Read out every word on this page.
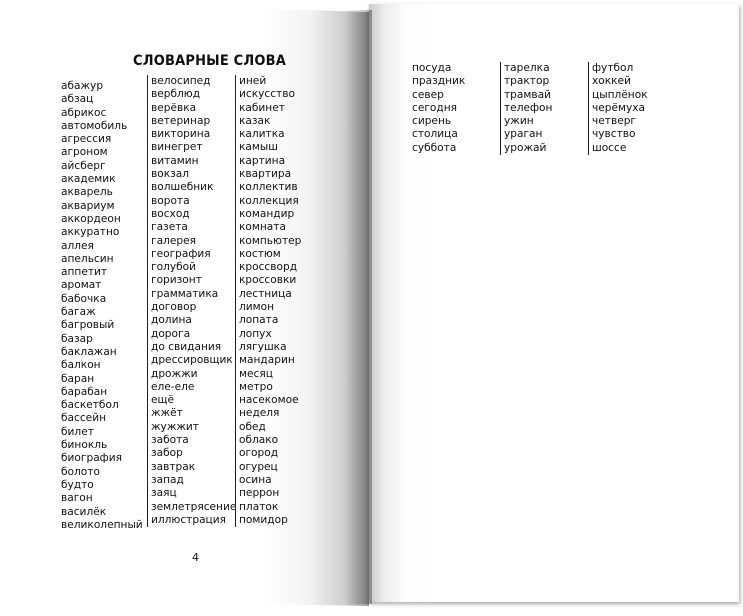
СЛОВАРНЫЕ СЛОВА
абажур
абзац
абрикос
автомобиль
агрессия
агроном
айсберг
академик
акварель
аквариум
аккордеон
аккуратно
аллея
апельсин
аппетит
аромат
бабочка
багаж
багровый
базар
баклажан
балкон
баран
барабан
баскетбол
бассейн
билет
бинокль
биография
болото
будто
вагон
василёк
великолепный
велосипед
верблюд
верёвка
ветеринар
викторина
винегрет
витамин
вокзал
волшебник
ворота
восход
газета
галерея
география
голубой
горизонт
грамматика
договор
долина
дорога
до свидания
дрессировщик
дрожжи
еле-еле
ещё
жжёт
жужжит
забота
забор
завтрак
запад
заяц
землетрясение
иллюстрация
иней
искусство
кабинет
казак
калитка
камыш
картина
квартира
коллектив
коллекция
командир
комната
компьютер
костюм
кроссворд
кроссовки
лестница
лимон
лопата
лопух
лягушка
мандарин
месяц
метро
насекомое
неделя
обед
облако
огород
огурец
осина
перрон
платок
помидор
4
посуда
праздник
север
сегодня
сирень
столица
суббота
тарелка
трактор
трамвай
телефон
ужин
ураган
урожай
футбол
хоккей
цыплёнок
черёмуха
четверг
чувство
шоссе
